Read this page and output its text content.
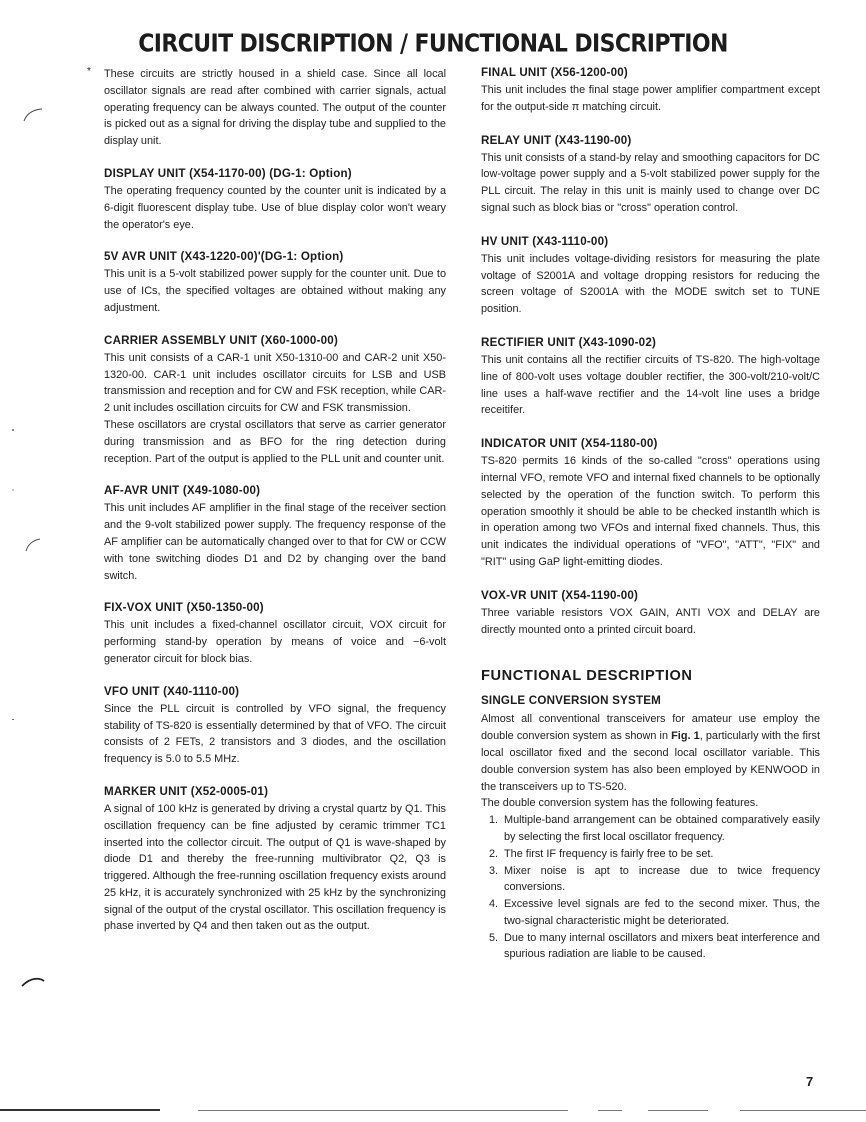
CIRCUIT DISCRIPTION / FUNCTIONAL DISCRIPTION
* These circuits are strictly housed in a shield case. Since all local oscillator signals are read after combined with carrier signals, actual operating frequency can be always counted. The output of the counter is picked out as a signal for driving the display tube and supplied to the display unit.

DISPLAY UNIT (X54-1170-00) (DG-1: Option)

The operating frequency counted by the counter unit is indicated by a 6-digit fluorescent display tube. Use of blue display color won't weary the operator's eye.

5V AVR UNIT (X43-1220-00)'(DG-1: Option)

This unit is a 5-volt stabilized power supply for the counter unit. Due to use of ICs, the specified voltages are obtained without making any adjustment.

CARRIER ASSEMBLY UNIT (X60-1000-00)

This unit consists of a CAR-1 unit X50-1310-00 and CAR-2 unit X50-1320-00. CAR-1 unit includes oscillator circuits for LSB and USB transmission and reception and for CW and FSK reception, while CAR-2 unit includes oscillation circuits for CW and FSK transmission.

These oscillators are crystal oscillators that serve as carrier generator during transmission and as BFO for the ring detection during reception. Part of the output is applied to the PLL unit and counter unit.

AF-AVR UNIT (X49-1080-00)

This unit includes AF amplifier in the final stage of the receiver section and the 9-volt stabilized power supply. The frequency response of the AF amplifier can be automatically changed over to that for CW or CCW with tone switching diodes D1 and D2 by changing over the band switch.

FIX-VOX UNIT (X50-1350-00)

This unit includes a fixed-channel oscillator circuit, VOX circuit for performing stand-by operation by means of voice and −6-volt generator circuit for block bias.

VFO UNIT (X40-1110-00)

Since the PLL circuit is controlled by VFO signal, the frequency stability of TS-820 is essentially determined by that of VFO. The circuit consists of 2 FETs, 2 transistors and 3 diodes, and the oscillation frequency is 5.0 to 5.5 MHz.

MARKER UNIT (X52-0005-01)

A signal of 100 kHz is generated by driving a crystal quartz by Q1. This oscillation frequency can be fine adjusted by ceramic trimmer TC1 inserted into the collector circuit. The output of Q1 is wave-shaped by diode D1 and thereby the free-running multivibrator Q2, Q3 is triggered. Although the free-running oscillation frequency exists around 25 kHz, it is accurately synchronized with 25 kHz by the synchronizing signal of the output of the crystal oscillator. This oscillation frequency is phase inverted by Q4 and then taken out as the output.

FINAL UNIT (X56-1200-00)

This unit includes the final stage power amplifier compartment except for the output-side π matching circuit.

RELAY UNIT (X43-1190-00)

This unit consists of a stand-by relay and smoothing capacitors for DC low-voltage power supply and a 5-volt stabilized power supply for the PLL circuit. The relay in this unit is mainly used to change over DC signal such as block bias or "cross" operation control.

HV UNIT (X43-1110-00)

This unit includes voltage-dividing resistors for measuring the plate voltage of S2001A and voltage dropping resistors for reducing the screen voltage of S2001A with the MODE switch set to TUNE position.

RECTIFIER UNIT (X43-1090-02)

This unit contains all the rectifier circuits of TS-820. The high-voltage line of 800-volt uses voltage doubler rectifier, the 300-volt/210-volt/C line uses a half-wave rectifier and the 14-volt line uses a bridge receitifer.

INDICATOR UNIT (X54-1180-00)

TS-820 permits 16 kinds of the so-called "cross" operations using internal VFO, remote VFO and internal fixed channels to be optionally selected by the operation of the function switch. To perform this operation smoothly it should be able to be checked instantlh which is in operation among two VFOs and internal fixed channels. Thus, this unit indicates the individual operations of "VFO", "ATT", "FIX" and "RIT" using GaP light-emitting diodes.

VOX-VR UNIT (X54-1190-00)

Three variable resistors VOX GAIN, ANTI VOX and DELAY are directly mounted onto a printed circuit board.

FUNCTIONAL DESCRIPTION
SINGLE CONVERSION SYSTEM

Almost all conventional transceivers for amateur use employ the double conversion system as shown in Fig. 1, particularly with the first local oscillator fixed and the second local oscillator variable. This double conversion system has also been employed by KENWOOD in the transceivers up to TS-520.

The double conversion system has the following features.

1. Multiple-band arrangement can be obtained comparatively easily by selecting the first local oscillator frequency.
2. The first IF frequency is fairly free to be set.
3. Mixer noise is apt to increase due to twice frequency conversions.
4. Excessive level signals are fed to the second mixer. Thus, the two-signal characteristic might be deteriorated.
5. Due to many internal oscillators and mixers beat interference and spurious radiation are liable to be caused.
7
